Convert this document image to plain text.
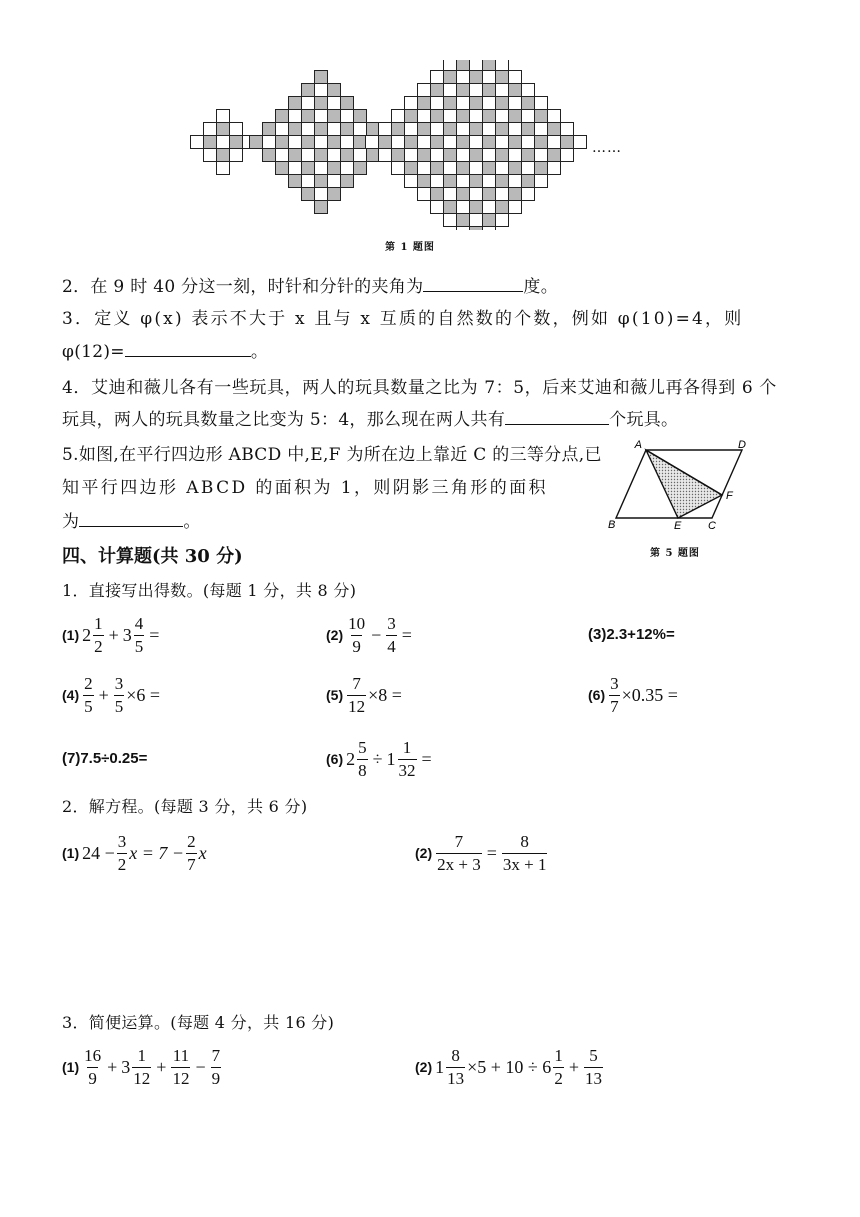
……
第 1 题图
2．在 9 时 40 分这一刻，时针和分针的夹角为	度。
3．定义 φ(x) 表示不大于 x 且与 x 互质的自然数的个数，例如 φ(10)=4，则
φ(12)=	。
4．艾迪和薇儿各有一些玩具，两人的玩具数量之比为 7：5，后来艾迪和薇儿再各得到 6 个
玩具，两人的玩具数量之比变为 5：4，那么现在两人共有	个玩具。
5.如图,在平行四边形 ABCD 中,E,F 为所在边上靠近 C 的三等分点,已
知平行四边形 ABCD 的面积为 1，则阴影三角形的面积
为	。
A	D
B	E C
F
第 5 题图
四、计算题(共 30 分)
1．直接写出得数。(每题 1 分，共 8 分)
(1) $2 \frac{1}{2} + 3 \frac{4}{5}$ =	$(2) \frac{10}{9} - \frac{3}{4}$ =	(3)2.3+12%=
$(4) \frac{2}{5} + \frac{3}{5} \times 6$ =	$(5) \frac{7}{12} \times 8$ =	$(6) \frac{3}{7} \times 0.35$ =
(7)7.5÷0.25=	(6) $2 \frac{5}{8} \div 1 \frac{1}{32}$ =
2．解方程。(每题 3 分，共 6 分)
(1) $24 - \frac{3}{2}$ $x = 7 - \frac{2}{7}$ x	$(2) \frac{7}{2x + 3} = \frac{8}{3x + 1}$
3．简便运算。(每题 4 分，共 16 分)
$(1) \frac{16}{9} + 3 \frac{1}{12} + \frac{11}{12} - \frac{7}{9}$	(2) $1 \frac{8}{13} \times 5 + 10 \div 6 \frac{1}{2} + \frac{5}{13}$
